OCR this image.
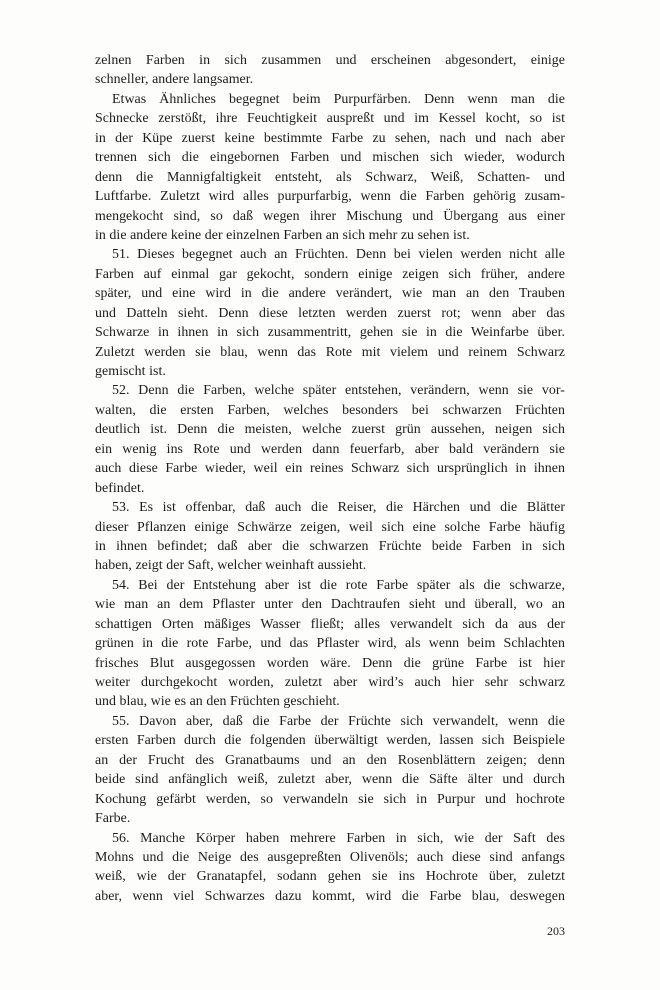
zelnen Farben in sich zusammen und erscheinen abgesondert, einige
schneller, andere langsamer.
Etwas Ähnliches begegnet beim Purpurfärben. Denn wenn man die
Schnecke zerstößt, ihre Feuchtigkeit auspreßt und im Kessel kocht, so ist
in der Küpe zuerst keine bestimmte Farbe zu sehen, nach und nach aber
trennen sich die eingebornen Farben und mischen sich wieder, wodurch
denn die Mannigfaltigkeit entsteht, als Schwarz, Weiß, Schatten- und
Luftfarbe. Zuletzt wird alles purpurfarbig, wenn die Farben gehörig zusam-
mengekocht sind, so daß wegen ihrer Mischung und Übergang aus einer
in die andere keine der einzelnen Farben an sich mehr zu sehen ist.
51. Dieses begegnet auch an Früchten. Denn bei vielen werden nicht alle
Farben auf einmal gar gekocht, sondern einige zeigen sich früher, andere
später, und eine wird in die andere verändert, wie man an den Trauben
und Datteln sieht. Denn diese letzten werden zuerst rot; wenn aber das
Schwarze in ihnen in sich zusammentritt, gehen sie in die Weinfarbe über.
Zuletzt werden sie blau, wenn das Rote mit vielem und reinem Schwarz
gemischt ist.
52. Denn die Farben, welche später entstehen, verändern, wenn sie vor-
walten, die ersten Farben, welches besonders bei schwarzen Früchten
deutlich ist. Denn die meisten, welche zuerst grün aussehen, neigen sich
ein wenig ins Rote und werden dann feuerfarb, aber bald verändern sie
auch diese Farbe wieder, weil ein reines Schwarz sich ursprünglich in ihnen
befindet.
53. Es ist offenbar, daß auch die Reiser, die Härchen und die Blätter
dieser Pflanzen einige Schwärze zeigen, weil sich eine solche Farbe häufig
in ihnen befindet; daß aber die schwarzen Früchte beide Farben in sich
haben, zeigt der Saft, welcher weinhaft aussieht.
54. Bei der Entstehung aber ist die rote Farbe später als die schwarze,
wie man an dem Pflaster unter den Dachtraufen sieht und überall, wo an
schattigen Orten mäßiges Wasser fließt; alles verwandelt sich da aus der
grünen in die rote Farbe, und das Pflaster wird, als wenn beim Schlachten
frisches Blut ausgegossen worden wäre. Denn die grüne Farbe ist hier
weiter durchgekocht worden, zuletzt aber wird’s auch hier sehr schwarz
und blau, wie es an den Früchten geschieht.
55. Davon aber, daß die Farbe der Früchte sich verwandelt, wenn die
ersten Farben durch die folgenden überwältigt werden, lassen sich Beispiele
an der Frucht des Granatbaums und an den Rosenblättern zeigen; denn
beide sind anfänglich weiß, zuletzt aber, wenn die Säfte älter und durch
Kochung gefärbt werden, so verwandeln sie sich in Purpur und hochrote
Farbe.
56. Manche Körper haben mehrere Farben in sich, wie der Saft des
Mohns und die Neige des ausgepreßten Olivenöls; auch diese sind anfangs
weiß, wie der Granatapfel, sodann gehen sie ins Hochrote über, zuletzt
aber, wenn viel Schwarzes dazu kommt, wird die Farbe blau, deswegen
203
